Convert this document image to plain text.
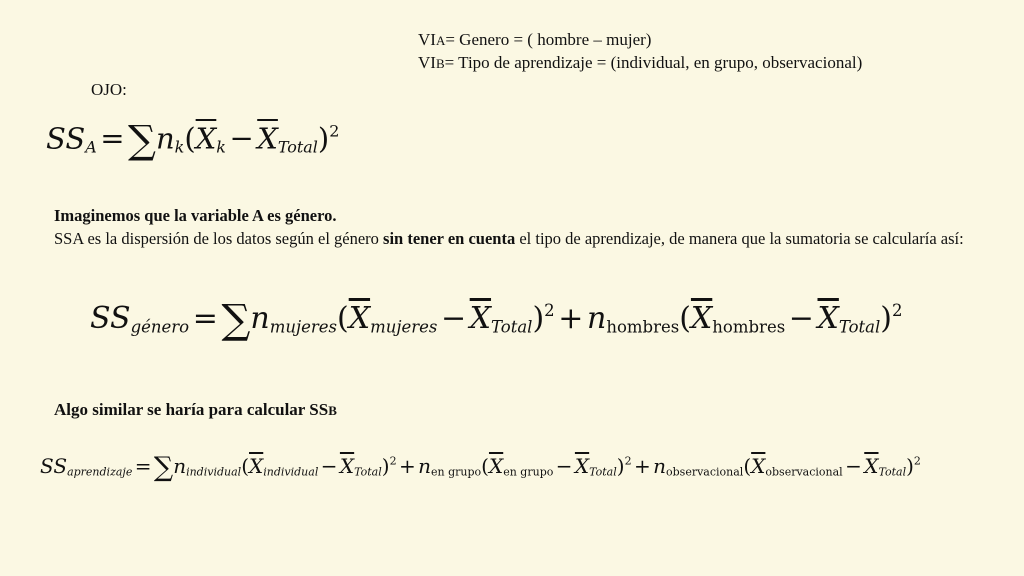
VIA= Genero = ( hombre – mujer)
VIB= Tipo de aprendizaje = (individual, en grupo, observacional)
OJO:
$SS_A =\sum n_k(\overline{X}_k - \overline{X}_{Total})^2$
Imaginemos que la variable A es género.
SSA es la dispersión de los datos según el género sin tener en cuenta el tipo de aprendizaje, de manera que la sumatoria se calcularía así:
$SS_{género} =\sum n_{mujeres}(\overline{X}_{mujeres} - \overline{X}_{Total})^2 + n_{hombres}(\overline{X}_{hombres} - \overline{X}_{Total})^2$
Algo similar se haría para calcular SSB
$SS_{aprendizaje} =\sum n_{individual}(\overline{X}_{individual} - \overline{X}_{Total})^2 + n_{en grupo}(\overline{X}_{en grupo} - \overline{X}_{Total})^2 + n_{observacional}(\overline{X}_{observacional} - \overline{X}_{Total})^2$
